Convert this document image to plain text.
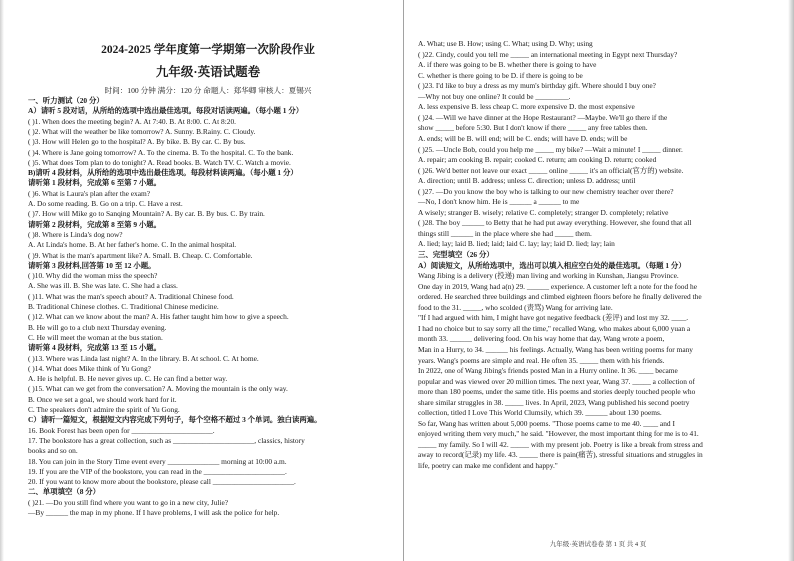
2024-2025 学年度第一学期第一次阶段作业
九年级·英语试题卷
时间：100 分钟 满分：120 分 命题人：郑华卿 审核人：夏锡兴
一、听力测试（20 分）
A）请听 5 段对话，从所给的选项中选出最佳选项。每段对话读两遍。（每小题 1 分）
( )1. When does the meeting begin? A. At 7:40. B. At 8:00. C. At 8:20.
( )2. What will the weather be like tomorrow? A. Sunny. B.Rainy. C. Cloudy.
( )3. How will Helen go to the hospital? A. By bike. B. By car. C. By bus.
( )4. Where is Jane going tomorrow? A. To the cinema. B. To the hospital. C. To the bank.
( )5. What does Tom plan to do tonight? A. Read books. B. Watch TV. C. Watch a movie.
B)请听 4 段材料，从所给的选项中选出最佳选项。每段材料读两遍。（每小题 1 分）
请听第 1 段材料，完成第 6 至第 7 小题。
( )6. What is Laura's plan after the exam?
A. Do some reading. B. Go on a trip. C. Have a rest.
( )7. How will Mike go to Sanqing Mountain? A. By car. B. By bus. C. By train.
请听第 2 段材料，完成第 8 至第 9 小题。
( )8. Where is Linda's dog now?
A. At Linda's home. B. At her father's home. C. In the animal hospital.
( )9. What is the man's apartment like? A. Small. B. Cheap. C. Comfortable.
请听第 3 段材料,回答第 10 至 12 小题。
( )10. Why did the woman miss the speech?
A. She was ill. B. She was late. C. She had a class.
( )11. What was the man's speech about? A. Traditional Chinese food.
B. Traditional Chinese clothes. C. Traditional Chinese medicine.
( )12. What can we know about the man? A. His father taught him how to give a speech.
B. He will go to a club next Thursday evening.
C. He will meet the woman at the bus station.
请听第 4 段材料，完成第 13 至 15 小题。
( )13. Where was Linda last night? A. In the library. B. At school. C. At home.
( )14. What does Mike think of Yu Gong?
A. He is helpful. B. He never gives up. C. He can find a better way.
( )15. What can we get from the conversation? A. Moving the mountain is the only way.
B. Once we set a goal, we should work hard for it.
C. The speakers don't admire the spirit of Yu Gong.
C）请听一篇短文，根据短文内容完成下列句子，每个空格不超过 3 个单词。独白读两遍。
16. Book Forest has been open for ______________________.
17. The bookstore has a great collection, such as ______________________, classics, history
books and so on.
18. You can join in the Story Time event every ______________ morning at 10:00 a.m.
19. If you are the VIP of the bookstore, you can read in the ______________________.
20. If you want to know more about the bookstore, please call ______________________.
二、单项填空（8 分）
( )21. —Do you still find where you want to go in a new city, Julie?
—By ______ the map in my phone. If I have problems, I will ask the police for help.
A. What; use B. How; using C. What; using D. Why; using
( )22. Cindy, could you tell me _____ an international meeting in Egypt next Thursday?
A. if there was going to be B. whether there is going to have
C. whether is there going to be D. if there is going to be
( )23. I'd like to buy a dress as my mum's birthday gift. Where should I buy one?
—Why not buy one online? It could be _________.
A. less expensive B. less cheap C. more expensive D. the most expensive
( )24. —Will we have dinner at the Hope Restaurant? —Maybe. We'll go there if the
show _____ before 5:30. But I don't know if there _____ any free tables then.
A. ends; will be B. will end; will be C. ends; will have D. ends; will be
( )25. —Uncle Bob, could you help me _____ my bike? —Wait a minute! I _____ dinner.
A. repair; am cooking B. repair; cooked C. return; am cooking D. return; cooked
( )26. We'd better not leave our exact _____ online _____ it's an official(官方的) website.
A. direction; until B. address; unless C. direction; unless D. address; until
( )27. —Do you know the boy who is talking to our new chemistry teacher over there?
—No, I don't know him. He is ______ a ______ to me
A wisely; stranger B. wisely; relative C. completely; stranger D. completely; relative
( )28. The boy ______ to Betty that he had put away everything. However, she found that all
things still ______ in the place where she had _____ them.
A. lied; lay; laid B. lied; laid; laid C. lay; lay; laid D. lied; lay; lain
三、完型填空（26 分）
A）阅读短文，从所给选项中，选出可以填入相应空白处的最佳选项。（每题 1 分）
Wang Jibing is a delivery (投递) man living and working in Kunshan, Jiangsu Province.
One day in 2019, Wang had a(n) 29. ______ experience. A customer left a note for the food he
ordered. He searched three buildings and climbed eighteen floors before he finally delivered the
food to the 31. _____, who scolded (责骂) Wang for arriving late.
"If I had argued with him, I might have got negative feedback (差评) and lost my 32. ____.
I had no choice but to say sorry all the time," recalled Wang, who makes about 6,000 yuan a
month 33. ______ delivering food. On his way home that day, Wang wrote a poem,
Man in a Hurry, to 34. ______ his feelings. Actually, Wang has been writing poems for many
years. Wang's poems are simple and real. He often 35. _____ them with his friends.
In 2022, one of Wang Jibing's friends posted Man in a Hurry online. It 36. ____ became
popular and was viewed over 20 million times. The next year, Wang 37. _____ a collection of
more than 180 poems, under the same title. His poems and stories deeply touched people who
share similar struggles in 38. _____ lives. In April, 2023, Wang published his second poetry
collection, titled I Love This World Clumsily, which 39. ______ about 130 poems.
So far, Wang has written about 5,000 poems. "Those poems came to me 40. ____ and I
enjoyed writing them very much," he said. "However, the most important thing for me is to 41.
_____ my family. So I will 42. _____ with my present job. Poetry is like a break from stress and
away to record(记录) my life. 43. _____ there is pain(痛苦), stressful situations and struggles in
life, poetry can make me confident and happy."
九年级·英语试卷卷 第 1 页 共 4 页
